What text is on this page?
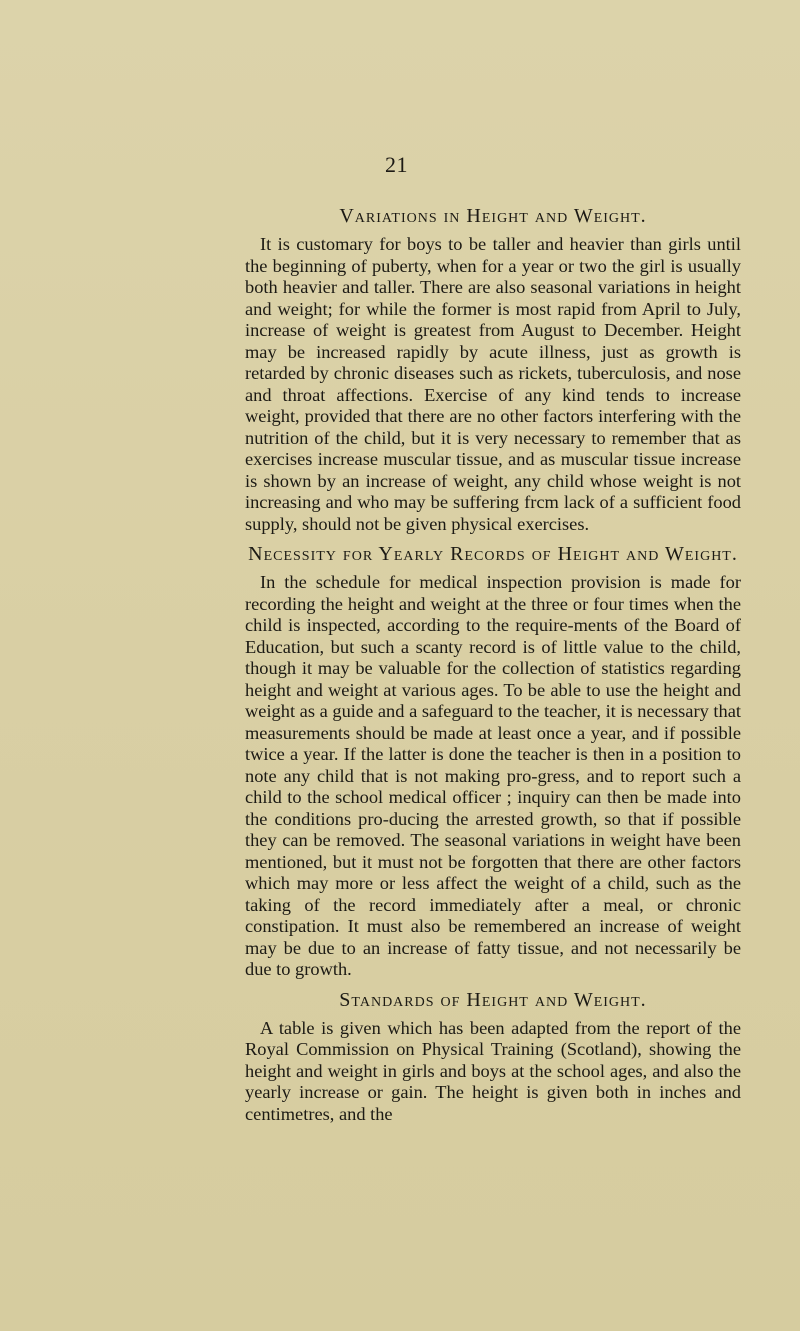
21
Variations in Height and Weight.

It is customary for boys to be taller and heavier than girls until the beginning of puberty, when for a year or two the girl is usually both heavier and taller. There are also seasonal variations in height and weight; for while the former is most rapid from April to July, increase of weight is greatest from August to December. Height may be increased rapidly by acute illness, just as growth is retarded by chronic diseases such as rickets, tuberculosis, and nose and throat affections. Exercise of any kind tends to increase weight, provided that there are no other factors interfering with the nutrition of the child, but it is very necessary to remember that as exercises increase muscular tissue, and as muscular tissue increase is shown by an increase of weight, any child whose weight is not increasing and who may be suffering frcm lack of a sufficient food supply, should not be given physical exercises.

Necessity for Yearly Records of Height and Weight.

In the schedule for medical inspection provision is made for recording the height and weight at the three or four times when the child is inspected, according to the require-ments of the Board of Education, but such a scanty record is of little value to the child, though it may be valuable for the collection of statistics regarding height and weight at various ages. To be able to use the height and weight as a guide and a safeguard to the teacher, it is necessary that measurements should be made at least once a year, and if possible twice a year. If the latter is done the teacher is then in a position to note any child that is not making pro-gress, and to report such a child to the school medical officer ; inquiry can then be made into the conditions pro-ducing the arrested growth, so that if possible they can be removed. The seasonal variations in weight have been mentioned, but it must not be forgotten that there are other factors which may more or less affect the weight of a child, such as the taking of the record immediately after a meal, or chronic constipation. It must also be remembered an increase of weight may be due to an increase of fatty tissue, and not necessarily be due to growth.

Standards of Height and Weight.

A table is given which has been adapted from the report of the Royal Commission on Physical Training (Scotland), showing the height and weight in girls and boys at the school ages, and also the yearly increase or gain. The height is given both in inches and centimetres, and the
